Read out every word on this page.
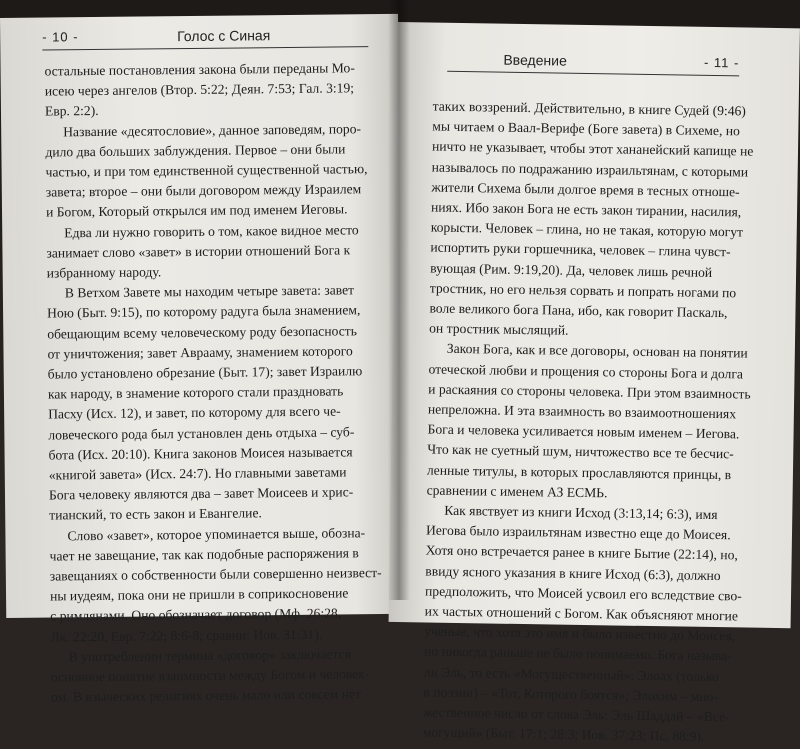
- 10 -	Голос с Синая
остальные постановления закона были переданы Мо-
исею через ангелов (Втор. 5:22; Деян. 7:53; Гал. 3:19;
Евр. 2:2).
Название «десятословие», данное заповедям, поро-
дило два больших заблуждения. Первое – они были
частью, и при том единственной существенной частью,
завета; второе – они были договором между Израилем
и Богом, Который открылся им под именем Иеговы.
Едва ли нужно говорить о том, какое видное место
занимает слово «завет» в истории отношений Бога к
избранному народу.
В Ветхом Завете мы находим четыре завета: завет
Ною (Быт. 9:15), по которому радуга была знамением,
обещающим всему человеческому роду безопасность
от уничтожения; завет Аврааму, знамением которого
было установлено обрезание (Быт. 17); завет Израилю
как народу, в знамение которого стали праздновать
Пасху (Исх. 12), и завет, по которому для всего че-
ловеческого рода был установлен день отдыха – суб-
бота (Исх. 20:10). Книга законов Моисея называется
«книгой завета» (Исх. 24:7). Но главными заветами
Бога человеку являются два – завет Моисеев и хрис-
тианский, то есть закон и Евангелие.
Слово «завет», которое упоминается выше, обозна-
чает не завещание, так как подобные распоряжения в
завещаниях о собственности были совершенно неизвест-
ны иудеям, пока они не пришли в соприкосновение
с римлянами. Оно обозначает договор (Мф. 26:28,
Лк. 22:20, Евр. 7:22; 8:6-8; сравни: Иов. 31:31).
В употреблении термина «договор» заключается
основное понятие взаимности между Богом и человек-
ом. В языческих религиях очень мало или совсем нет
Введение	- 11 -
таких воззрений. Действительно, в книге Судей (9:46)
мы читаем о Ваал-Верифе (Боге завета) в Сихеме, но
ничто не указывает, чтобы этот хананейский капище не
называлось по подражанию израильтянам, с которыми
жители Сихема были долгое время в тесных отноше-
ниях. Ибо закон Бога не есть закон тирании, насилия,
корысти. Человек – глина, но не такая, которую могут
испортить руки горшечника, человек – глина чувст-
вующая (Рим. 9:19,20). Да, человек лишь речной
тростник, но его нельзя сорвать и попрать ногами по
воле великого бога Пана, ибо, как говорит Паскаль,
он тростник мыслящий.
Закон Бога, как и все договоры, основан на понятии
отеческой любви и прощения со стороны Бога и долга
и раскаяния со стороны человека. При этом взаимность
непреложна. И эта взаимность во взаимоотношениях
Бога и человека усиливается новым именем – Иегова.
Что как не суетный шум, ничтожество все те бесчис-
ленные титулы, в которых прославляются принцы, в
сравнении с именем АЗ ЕСМЬ.
Как явствует из книги Исход (3:13,14; 6:3), имя
Иегова было израильтянам известно еще до Моисея.
Хотя оно встречается ранее в книге Бытие (22:14), но,
ввиду ясного указания в книге Исход (6:3), должно
предположить, что Моисей усвоил его вследствие сво-
их частых отношений с Богом. Как объясняют многие
ученые, что хотя это имя и было известно до Моисея,
но никогда раньше не было понимаемо. Бога называ-
ли Эль, то есть «Могущественный»; Элоах (только
в поэзии) – «Тот, Которого боятся»; Элохим – мно-
жественное число от слова Эль; Эль Шаддай – «Все-
могущий» (Быт. 17:1; 28:3; Иов. 37:23; Пс. 88:9).
